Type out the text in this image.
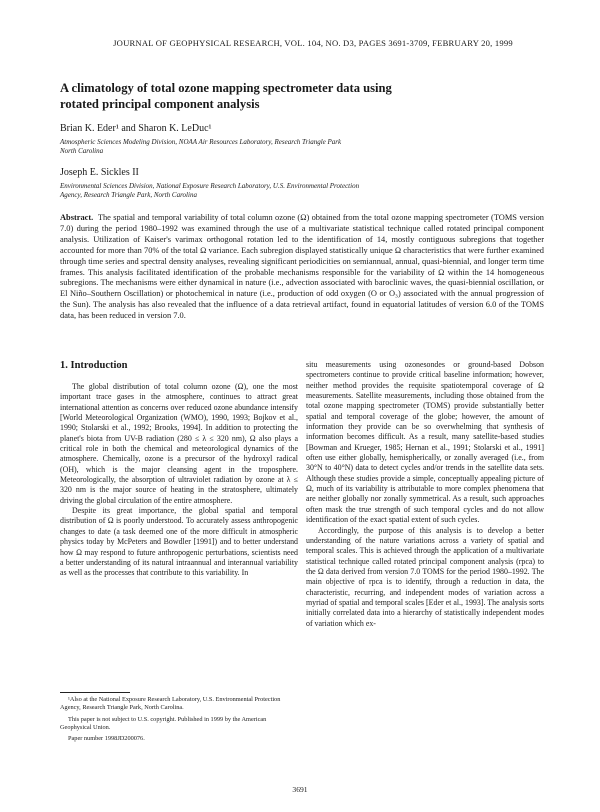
JOURNAL OF GEOPHYSICAL RESEARCH, VOL. 104, NO. D3, PAGES 3691-3709, FEBRUARY 20, 1999
A climatology of total ozone mapping spectrometer data using
rotated principal component analysis
Brian K. Eder¹ and Sharon K. LeDuc¹
Atmospheric Sciences Modeling Division, NOAA Air Resources Laboratory, Research Triangle Park
North Carolina
Joseph E. Sickles II
Environmental Sciences Division, National Exposure Research Laboratory, U.S. Environmental Protection
Agency, Research Triangle Park, North Carolina
Abstract. The spatial and temporal variability of total column ozone (Ω) obtained from the total ozone mapping spectrometer (TOMS version 7.0) during the period 1980–1992 was examined through the use of a multivariate statistical technique called rotated principal component analysis. Utilization of Kaiser's varimax orthogonal rotation led to the identification of 14, mostly contiguous subregions that together accounted for more than 70% of the total Ω variance. Each subregion displayed statistically unique Ω characteristics that were further examined through time series and spectral density analyses, revealing significant periodicities on semiannual, annual, quasi-biennial, and longer term time frames. This analysis facilitated identification of the probable mechanisms responsible for the variability of Ω within the 14 homogeneous subregions. The mechanisms were either dynamical in nature (i.e., advection associated with baroclinic waves, the quasi-biennial oscillation, or El Niño–Southern Oscillation) or photochemical in nature (i.e., production of odd oxygen (O or O₃) associated with the annual progression of the Sun). The analysis has also revealed that the influence of a data retrieval artifact, found in equatorial latitudes of version 6.0 of the TOMS data, has been reduced in version 7.0.
1. Introduction

The global distribution of total column ozone (Ω), one the most important trace gases in the atmosphere, continues to attract great international attention as concerns over reduced ozone abundance intensify [World Meteorological Organization (WMO), 1990, 1993; Bojkov et al., 1990; Stolarski et al., 1992; Brooks, 1994]. In addition to protecting the planet's biota from UV-B radiation (280 ≤ λ ≤ 320 nm), Ω also plays a critical role in both the chemical and meteorological dynamics of the atmosphere. Chemically, ozone is a precursor of the hydroxyl radical (OH), which is the major cleansing agent in the troposphere. Meteorologically, the absorption of ultraviolet radiation by ozone at λ ≤ 320 nm is the major source of heating in the stratosphere, ultimately driving the global circulation of the entire atmosphere.

Despite its great importance, the global spatial and temporal distribution of Ω is poorly understood. To accurately assess anthropogenic changes to date (a task deemed one of the more difficult in atmospheric physics today by McPeters and Bowdler [1991]) and to better understand how Ω may respond to future anthropogenic perturbations, scientists need a better understanding of its natural intraannual and interannual variability as well as the processes that contribute to this variability. In

situ measurements using ozonesondes or ground-based Dobson spectrometers continue to provide critical baseline information; however, neither method provides the requisite spatiotemporal coverage of Ω measurements. Satellite measurements, including those obtained from the total ozone mapping spectrometer (TOMS) provide substantially better spatial and temporal coverage of the globe; however, the amount of information they provide can be so overwhelming that synthesis of information becomes difficult. As a result, many satellite-based studies [Bowman and Krueger, 1985; Hernan et al., 1991; Stolarski et al., 1991] often use either globally, hemispherically, or zonally averaged (i.e., from 30°N to 40°N) data to detect cycles and/or trends in the satellite data sets. Although these studies provide a simple, conceptually appealing picture of Ω, much of its variability is attributable to more complex phenomena that are neither globally nor zonally symmetrical. As a result, such approaches often mask the true strength of such temporal cycles and do not allow identification of the exact spatial extent of such cycles.

Accordingly, the purpose of this analysis is to develop a better understanding of the nature variations across a variety of spatial and temporal scales. This is achieved through the application of a multivariate statistical technique called rotated principal component analysis (rpca) to the Ω data derived from version 7.0 TOMS for the period 1980–1992. The main objective of rpca is to identify, through a reduction in data, the characteristic, recurring, and independent modes of variation across a myriad of spatial and temporal scales [Eder et al., 1993]. The analysis sorts initially correlated data into a hierarchy of statistically independent modes of variation which ex-

¹Also at the National Exposure Research Laboratory, U.S. Environmental Protection Agency, Research Triangle Park, North Carolina.

This paper is not subject to U.S. copyright. Published in 1999 by the American Geophysical Union.

Paper number 1998JD200076.

3691
